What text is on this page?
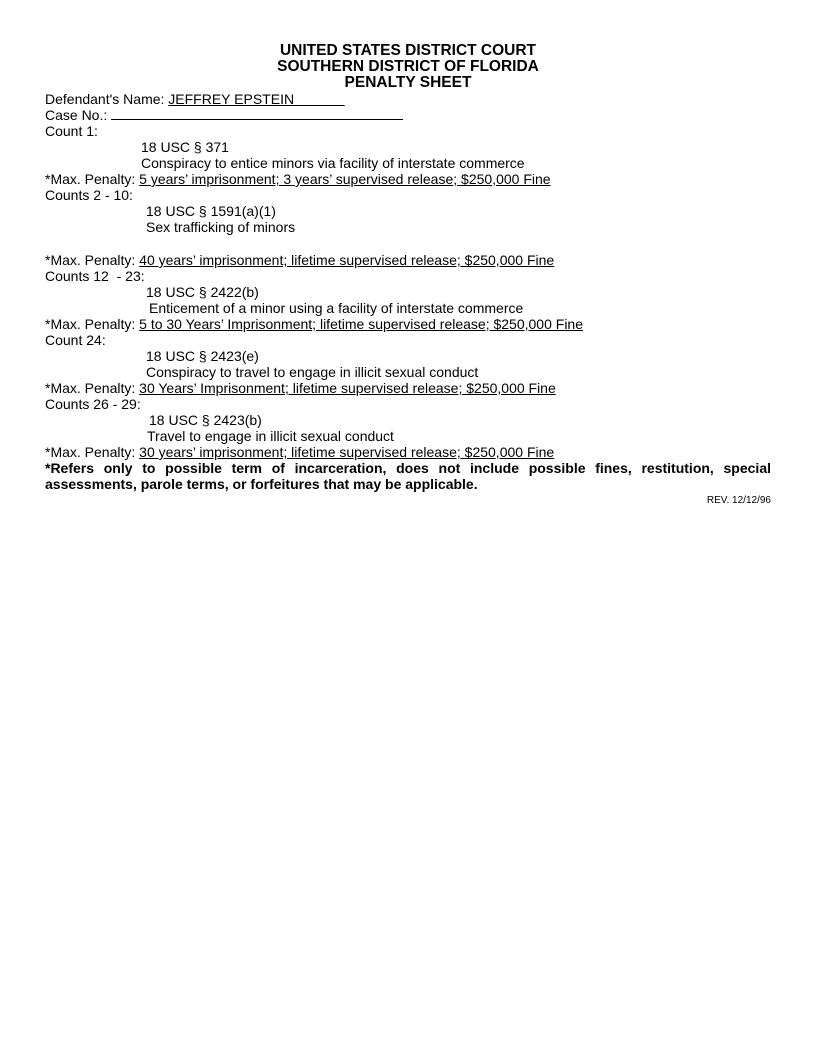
UNITED STATES DISTRICT COURT
SOUTHERN DISTRICT OF FLORIDA
PENALTY SHEET
Defendant's Name: JEFFREY EPSTEIN
Case No.:
Count 1:
18 USC § 371
Conspiracy to entice minors via facility of interstate commerce
*Max. Penalty: 5 years’ imprisonment; 3 years’ supervised release; $250,000 Fine
Counts 2 - 10:
18 USC § 1591(a)(1)
Sex trafficking of minors
*Max. Penalty: 40 years’ imprisonment; lifetime supervised release; $250,000 Fine
Counts 12  - 23:
18 USC § 2422(b)
Enticement of a minor using a facility of interstate commerce
*Max. Penalty: 5 to 30 Years’ Imprisonment; lifetime supervised release; $250,000 Fine
Count 24:
18 USC § 2423(e)
Conspiracy to travel to engage in illicit sexual conduct
*Max. Penalty: 30 Years’ Imprisonment; lifetime supervised release; $250,000 Fine
Counts 26 - 29:
18 USC § 2423(b)
Travel to engage in illicit sexual conduct
*Max. Penalty: 30 years’ imprisonment; lifetime supervised release; $250,000 Fine
*Refers only to possible term of incarceration, does not include possible fines, restitution, special assessments, parole terms, or forfeitures that may be applicable.
REV. 12/12/96
